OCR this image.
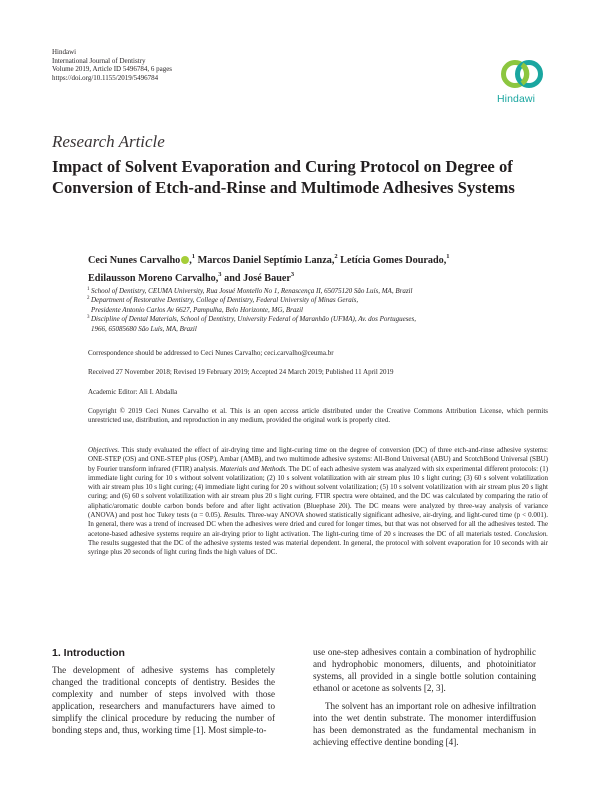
Hindawi
International Journal of Dentistry
Volume 2019, Article ID 5496784, 6 pages
https://doi.org/10.1155/2019/5496784
Hindawi
Research Article
Impact of Solvent Evaporation and Curing Protocol on Degree of Conversion of Etch-and-Rinse and Multimode Adhesives Systems
Ceci Nunes Carvalho ,$^1$ Marcos Daniel Septímio Lanza,$^2$ Letícia Gomes Dourado,$^1$
Edilausson Moreno Carvalho,$^3$ and José Bauer$^3$
1 School of Dentistry, CEUMA University, Rua Josué Montello No 1, Renascença II, 65075120 São Luís, MA, Brazil
2 Department of Restorative Dentistry, College of Dentistry, Federal University of Minas Gerais,
Presidente Antonio Carlos Av 6627, Pampulha, Belo Horizonte, MG, Brazil
3 Discipline of Dental Materials, School of Dentistry, University Federal of Maranhão (UFMA), Av. dos Portugueses,
1966, 65085680 São Luís, MA, Brazil
Correspondence should be addressed to Ceci Nunes Carvalho; ceci.carvalho@ceuma.br
Received 27 November 2018; Revised 19 February 2019; Accepted 24 March 2019; Published 11 April 2019
Academic Editor: Ali I. Abdalla
Copyright © 2019 Ceci Nunes Carvalho et al. This is an open access article distributed under the Creative Commons Attribution License, which permits unrestricted use, distribution, and reproduction in any medium, provided the original work is properly cited.
Objectives. This study evaluated the effect of air-drying time and light-curing time on the degree of conversion (DC) of three etch-and-rinse adhesive systems: ONE-STEP (OS) and ONE-STEP plus (OSP), Ambar (AMB), and two multimode adhesive systems: All-Bond Universal (ABU) and ScotchBond Universal (SBU) by Fourier transform infrared (FTIR) analysis. Materials and Methods. The DC of each adhesive system was analyzed with six experimental different protocols: (1) immediate light curing for 10 s without solvent volatilization; (2) 10 s solvent volatilization with air stream plus 10 s light curing; (3) 60 s solvent volatilization with air stream plus 10 s light curing; (4) immediate light curing for 20 s without solvent volatilization; (5) 10 s solvent volatilization with air stream plus 20 s light curing; and (6) 60 s solvent volatilization with air stream plus 20 s light curing. FTIR spectra were obtained, and the DC was calculated by comparing the ratio of aliphatic/aromatic double carbon bonds before and after light activation (Bluephase 20i). The DC means were analyzed by three-way analysis of variance (ANOVA) and post hoc Tukey tests (α = 0.05). Results. Three-way ANOVA showed statistically significant adhesive, air-drying, and light-cured time (p < 0.001). In general, there was a trend of increased DC when the adhesives were dried and cured for longer times, but that was not observed for all the adhesives tested. The acetone-based adhesive systems require an air-drying prior to light activation. The light-curing time of 20 s increases the DC of all materials tested. Conclusion. The results suggested that the DC of the adhesive systems tested was material dependent. In general, the protocol with solvent evaporation for 10 seconds with air syringe plus 20 seconds of light curing finds the high values of DC.
1. Introduction

The development of adhesive systems has completely changed the traditional concepts of dentistry. Besides the complexity and number of steps involved with those application, researchers and manufacturers have aimed to simplify the clinical procedure by reducing the number of bonding steps and, thus, working time [1]. Most simple-to-

use one-step adhesives contain a combination of hydrophilic and hydrophobic monomers, diluents, and photoinitiator systems, all provided in a single bottle solution containing ethanol or acetone as solvents [2, 3].

The solvent has an important role on adhesive infiltration into the wet dentin substrate. The monomer interdiffusion has been demonstrated as the fundamental mechanism in achieving effective dentine bonding [4].
